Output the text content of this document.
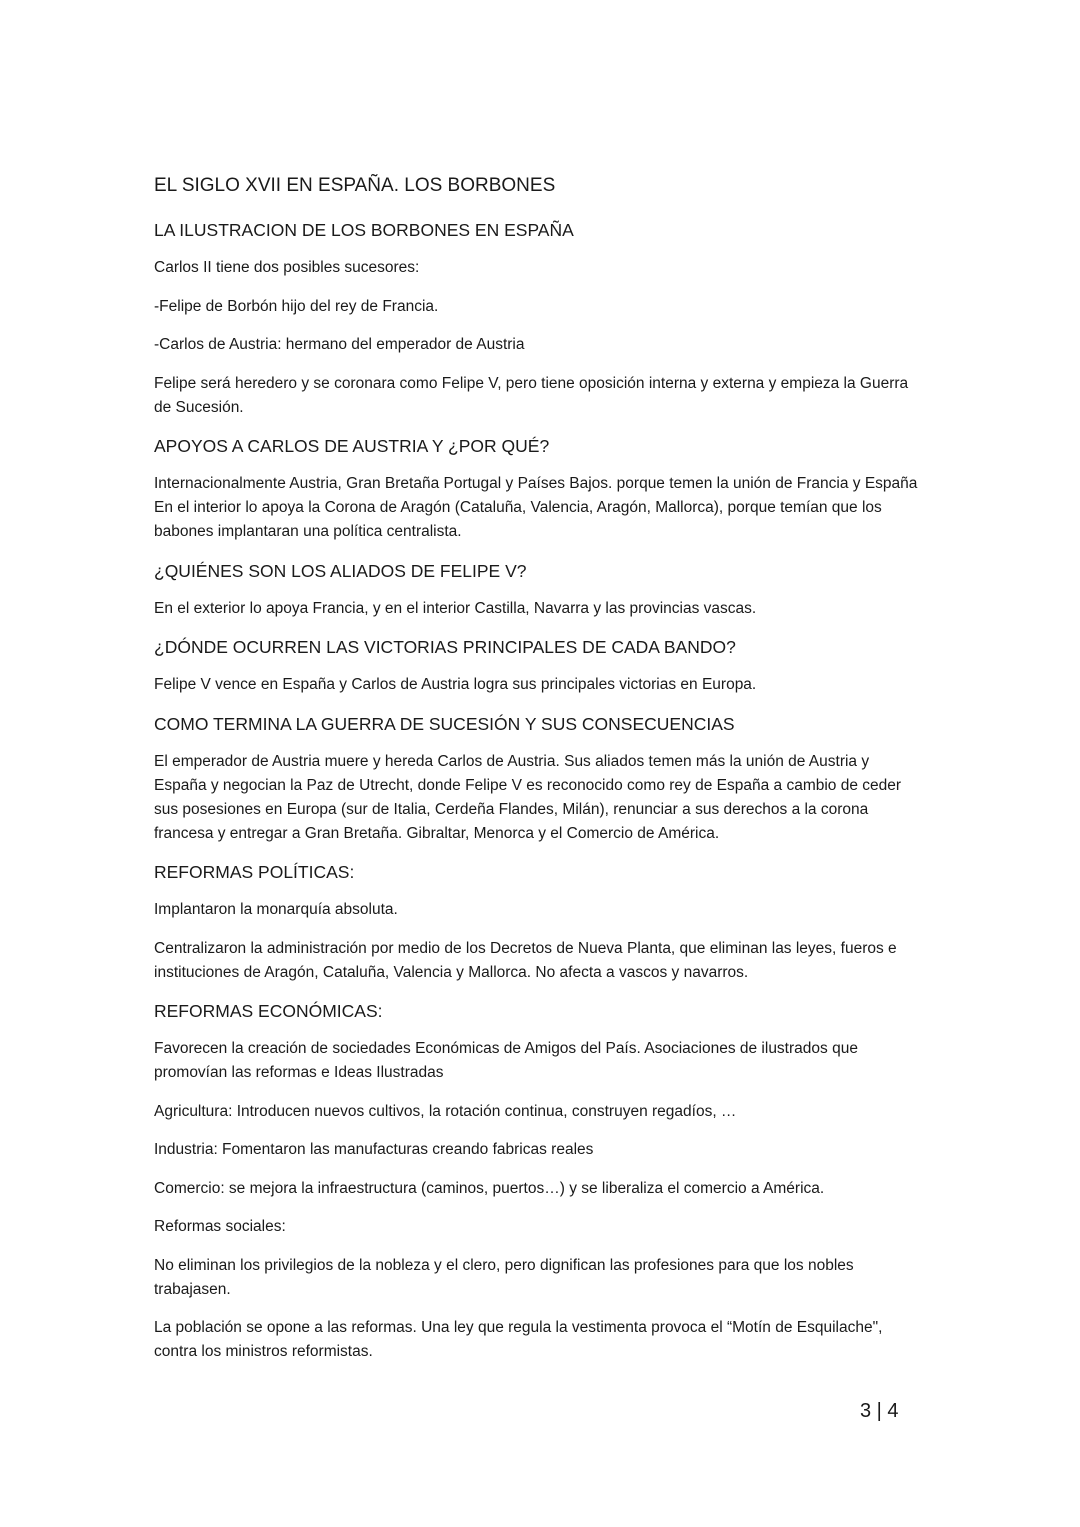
EL SIGLO XVII EN ESPAÑA. LOS BORBONES
LA ILUSTRACION DE LOS BORBONES EN ESPAÑA

Carlos II tiene dos posibles sucesores:

-Felipe de Borbón hijo del rey de Francia.

-Carlos de Austria: hermano del emperador de Austria

Felipe será heredero y se coronara como Felipe V, pero tiene oposición interna y externa y empieza la Guerra de Sucesión.

APOYOS A CARLOS DE AUSTRIA Y ¿POR QUÉ?

Internacionalmente Austria, Gran Bretaña Portugal y Países Bajos. porque temen la unión de Francia y España En el interior lo apoya la Corona de Aragón (Cataluña, Valencia, Aragón, Mallorca), porque temían que los babones implantaran una política centralista.

¿QUIÉNES SON LOS ALIADOS DE FELIPE V?

En el exterior lo apoya Francia, y en el interior Castilla, Navarra y las provincias vascas.

¿DÓNDE OCURREN LAS VICTORIAS PRINCIPALES DE CADA BANDO?

Felipe V vence en España y Carlos de Austria logra sus principales victorias en Europa.

COMO TERMINA LA GUERRA DE SUCESIÓN Y SUS CONSECUENCIAS

El emperador de Austria muere y hereda Carlos de Austria. Sus aliados temen más la unión de Austria y España y negocian la Paz de Utrecht, donde Felipe V es reconocido como rey de España a cambio de ceder sus posesiones en Europa (sur de Italia, Cerdeña Flandes, Milán), renunciar a sus derechos a la corona francesa y entregar a Gran Bretaña. Gibraltar, Menorca y el Comercio de América.

REFORMAS POLÍTICAS:

Implantaron la monarquía absoluta.

Centralizaron la administración por medio de los Decretos de Nueva Planta, que eliminan las leyes, fueros e instituciones de Aragón, Cataluña, Valencia y Mallorca. No afecta a vascos y navarros.

REFORMAS ECONÓMICAS:

Favorecen la creación de sociedades Económicas de Amigos del País. Asociaciones de ilustrados que promovían las reformas e Ideas Ilustradas

Agricultura: Introducen nuevos cultivos, la rotación continua, construyen regadíos, …

Industria: Fomentaron las manufacturas creando fabricas reales

Comercio: se mejora la infraestructura (caminos, puertos…) y se liberaliza el comercio a América.

Reformas sociales:

No eliminan los privilegios de la nobleza y el clero, pero dignifican las profesiones para que los nobles trabajasen.

La población se opone a las reformas. Una ley que regula la vestimenta provoca el “Motín de Esquilache", contra los ministros reformistas.

3 | 4
